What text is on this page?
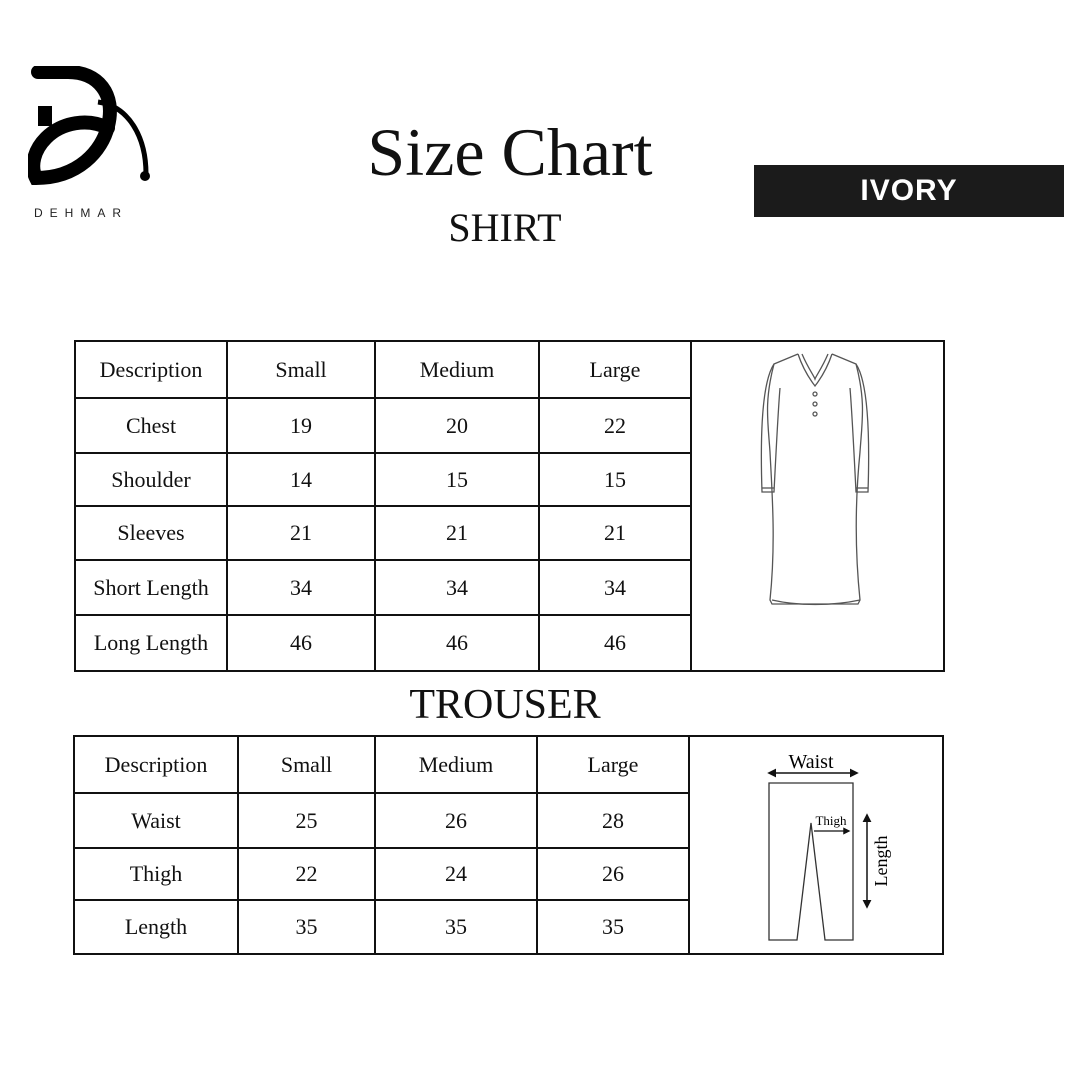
DEHMAR
Size Chart
SHIRT
IVORY
Description	Small	Medium	Large
Chest	19	20	22
Shoulder	14	15	15
Sleeves	21	21	21
Short Length	34	34	34
Long Length	46	46	46
TROUSER
Description	Small	Medium	Large
Waist	25	26	28
Thigh	22	24	26
Length	35	35	35
Waist
Thigh
Length
